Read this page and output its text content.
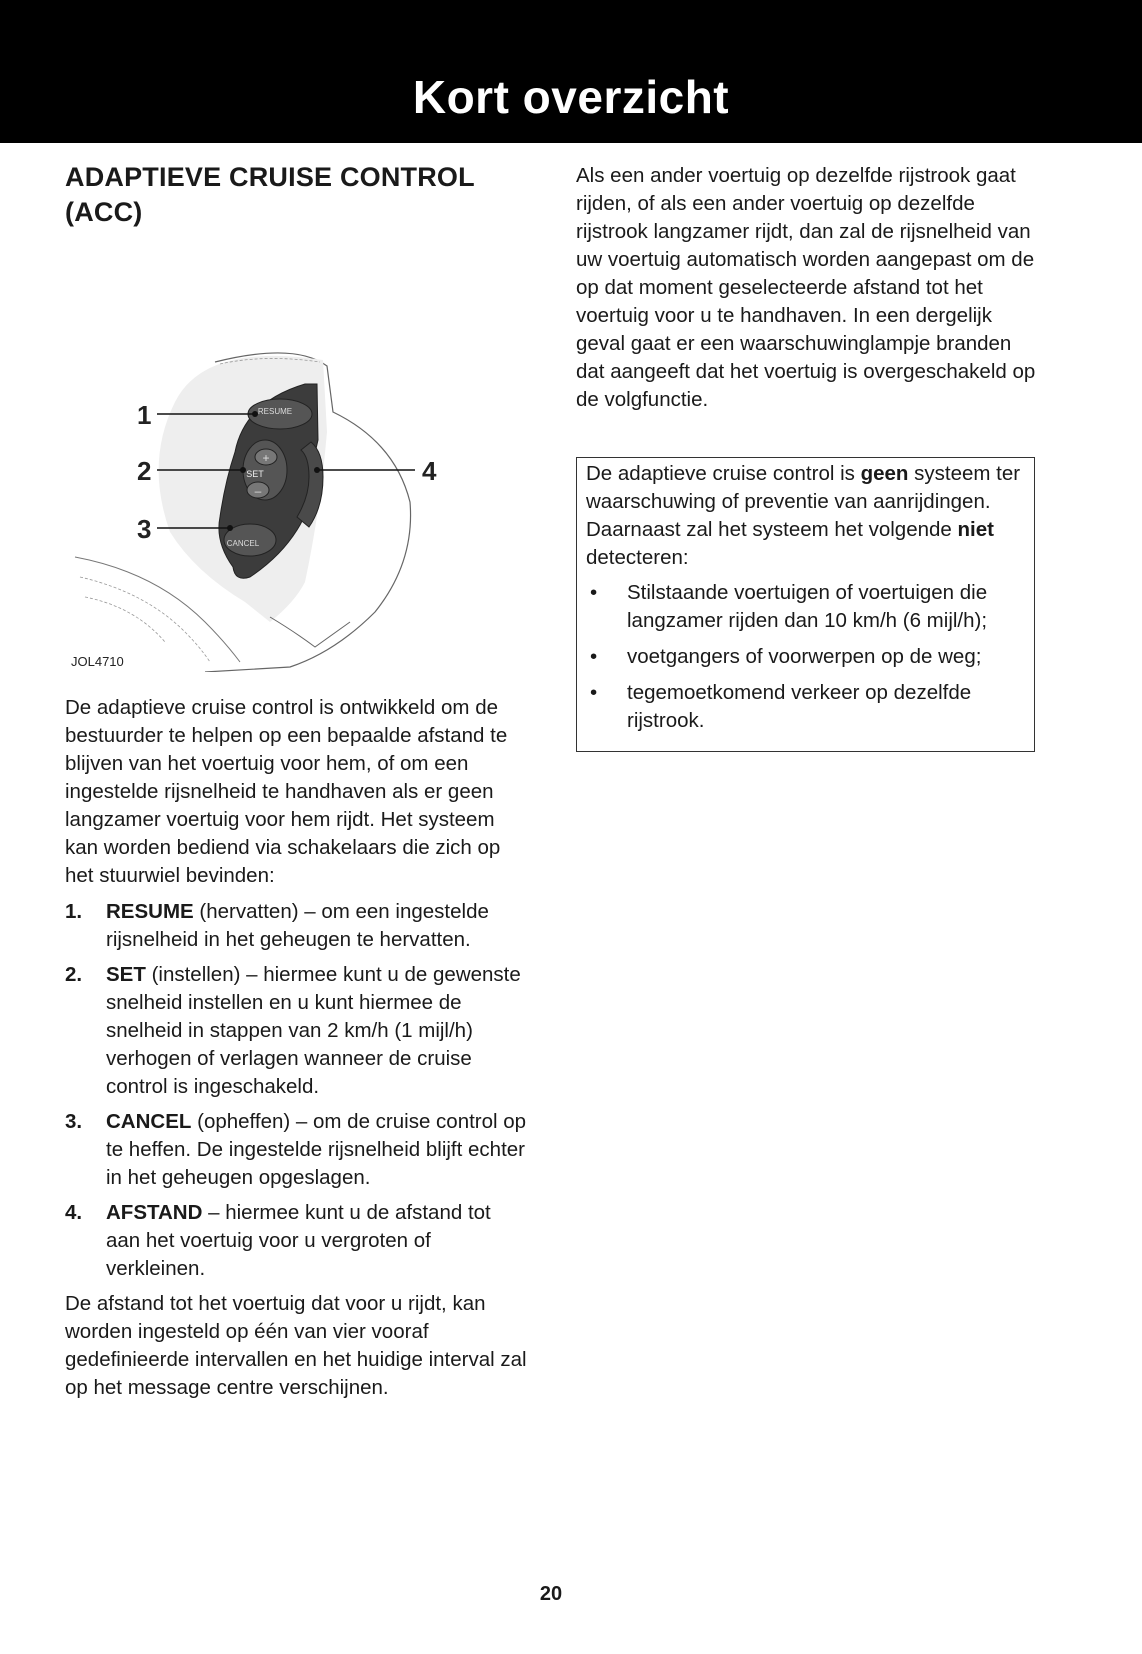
Kort overzicht
ADAPTIEVE CRUISE CONTROL
(ACC)
RESUME
+
SET
–
CANCEL
1
2
3
4
JOL4710

De adaptieve cruise control is ontwikkeld om de bestuurder te helpen op een bepaalde afstand te blijven van het voertuig voor hem, of om een ingestelde rijsnelheid te handhaven als er geen langzamer voertuig voor hem rijdt. Het systeem kan worden bediend via schakelaars die zich op het stuurwiel bevinden:

1. RESUME (hervatten) – om een ingestelde rijsnelheid in het geheugen te hervatten.
2. SET (instellen) – hiermee kunt u de gewenste snelheid instellen en u kunt hiermee de snelheid in stappen van 2 km/h (1 mijl/h) verhogen of verlagen wanneer de cruise control is ingeschakeld.
3. CANCEL (opheffen) – om de cruise control op te heffen. De ingestelde rijsnelheid blijft echter in het geheugen opgeslagen.
4. AFSTAND – hiermee kunt u de afstand tot aan het voertuig voor u vergroten of verkleinen.

De afstand tot het voertuig dat voor u rijdt, kan worden ingesteld op één van vier vooraf gedefinieerde intervallen en het huidige interval zal op het message centre verschijnen.

Als een ander voertuig op dezelfde rijstrook gaat rijden, of als een ander voertuig op dezelfde rijstrook langzamer rijdt, dan zal de rijsnelheid van uw voertuig automatisch worden aangepast om de op dat moment geselecteerde afstand tot het voertuig voor u te handhaven. In een dergelijk geval gaat er een waarschuwinglampje branden dat aangeeft dat het voertuig is overgeschakeld op de volgfunctie.

De adaptieve cruise control is geen systeem ter waarschuwing of preventie van aanrijdingen. Daarnaast zal het systeem het volgende niet detecteren:

• Stilstaande voertuigen of voertuigen die langzamer rijden dan 10 km/h (6 mijl/h);
• voetgangers of voorwerpen op de weg;
• tegemoetkomend verkeer op dezelfde rijstrook.
20
